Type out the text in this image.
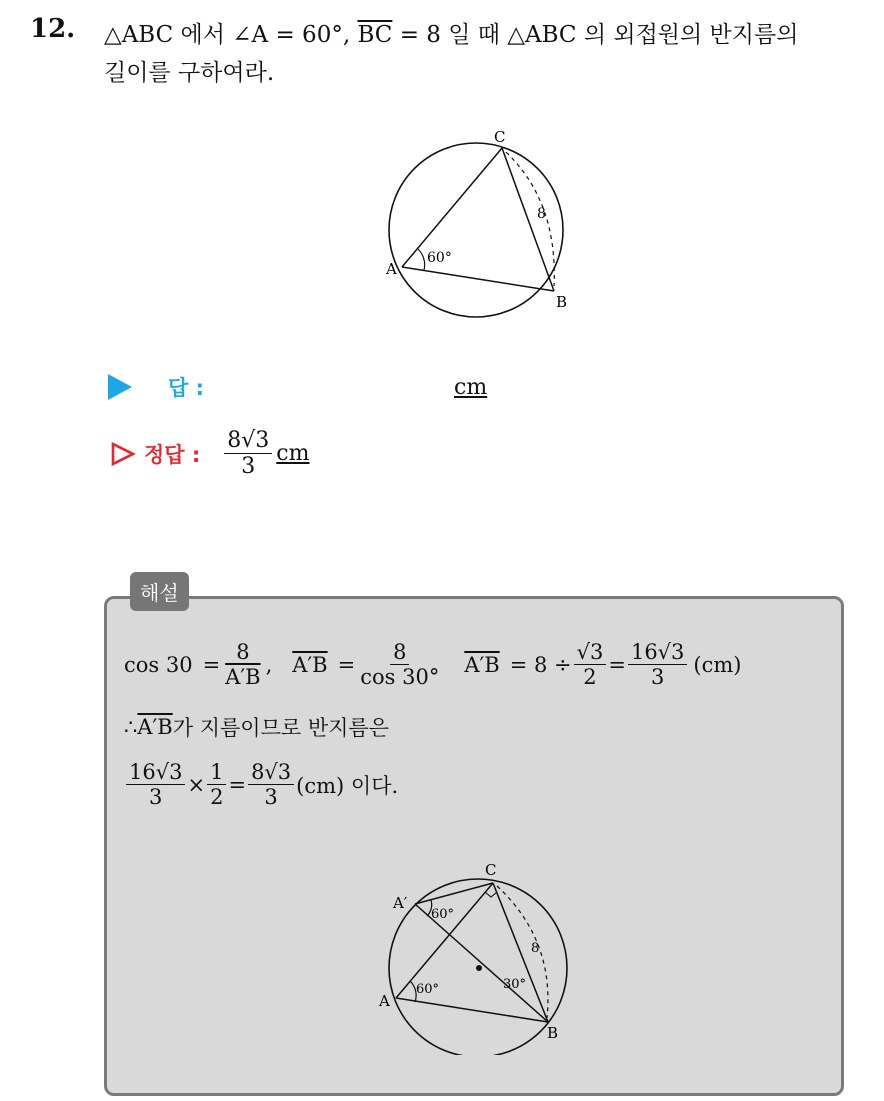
12. △ABC 에서 ∠A = 60°, $\overline{BC} = 8$ 일 때 △ABC 의 외접원의 반지름의
길이를 구하여라.
C
A
B
60°
8
답 :	cm
정답 : $\frac{8√3}{3}$ cm
해설
$\cos 30 = \frac{8}{A'B}$ , $A'B = \frac{8}{\cos 30^\circ} A'B = 8 \div \frac{√3}{2} = \frac{16√3}{3} (cm)$
∴ A′B 가 지름이므로 반지름은
$\frac{16√3}{3} \times \frac{1}{2} = \frac{8√3}{3} (cm)$ 이다.
C
A′
A
B
60°
60°
30°
8
